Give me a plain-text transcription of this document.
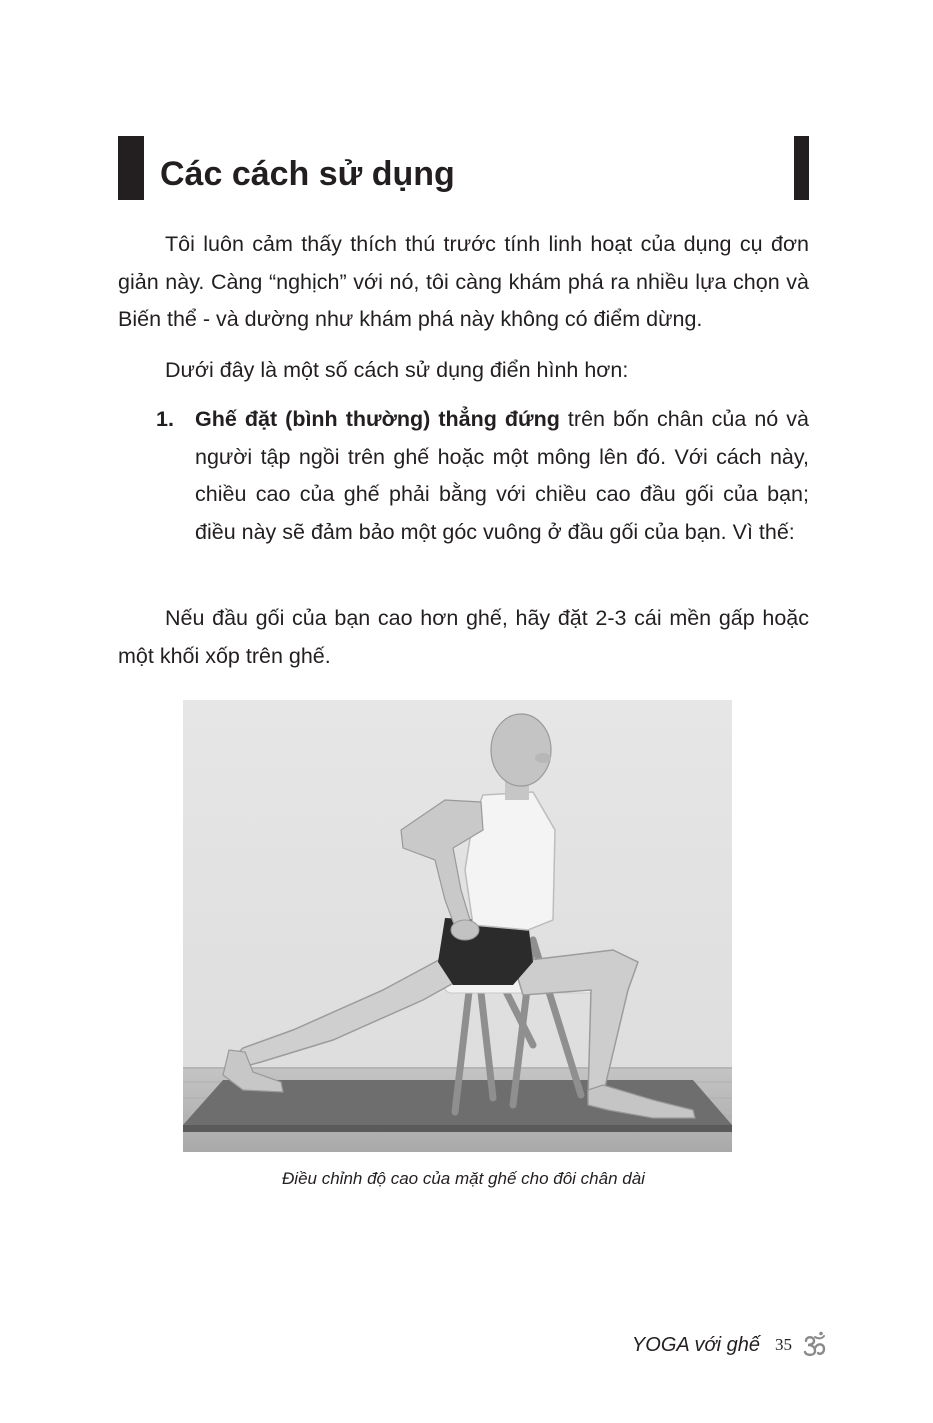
Các cách sử dụng

Tôi luôn cảm thấy thích thú trước tính linh hoạt của dụng cụ đơn giản này. Càng “nghịch” với nó, tôi càng khám phá ra nhiều lựa chọn và Biến thể - và dường như khám phá này không có điểm dừng.

Dưới đây là một số cách sử dụng điển hình hơn:

1. Ghế đặt (bình thường) thẳng đứng trên bốn chân của nó và người tập ngồi trên ghế hoặc một mông lên đó. Với cách này, chiều cao của ghế phải bằng với chiều cao đầu gối của bạn; điều này sẽ đảm bảo một góc vuông ở đầu gối của bạn. Vì thế:

Nếu đầu gối của bạn cao hơn ghế, hãy đặt 2-3 cái mền gấp hoặc một khối xốp trên ghế.

Điều chỉnh độ cao của mặt ghế cho đôi chân dài

YOGA với ghế 35
